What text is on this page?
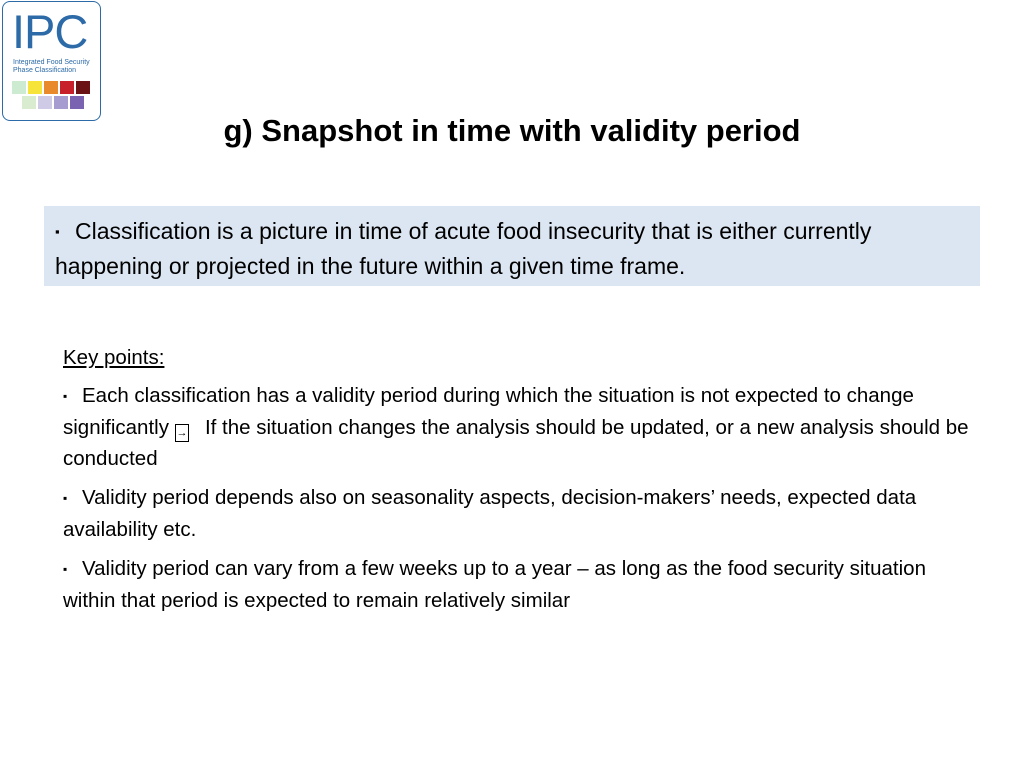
IPC
Integrated Food Security
Phase Classification
g) Snapshot in time with validity period
▪ Classification is a picture in time of acute food insecurity that is either currently happening or projected in the future within a given time frame.
Key points:
▪ Each classification has a validity period during which the situation is not expected to change significantly → If the situation changes the analysis should be updated, or a new analysis should be conducted
▪ Validity period depends also on seasonality aspects, decision-makers’ needs, expected data availability etc.
▪ Validity period can vary from a few weeks up to a year – as long as the food security situation within that period is expected to remain relatively similar
